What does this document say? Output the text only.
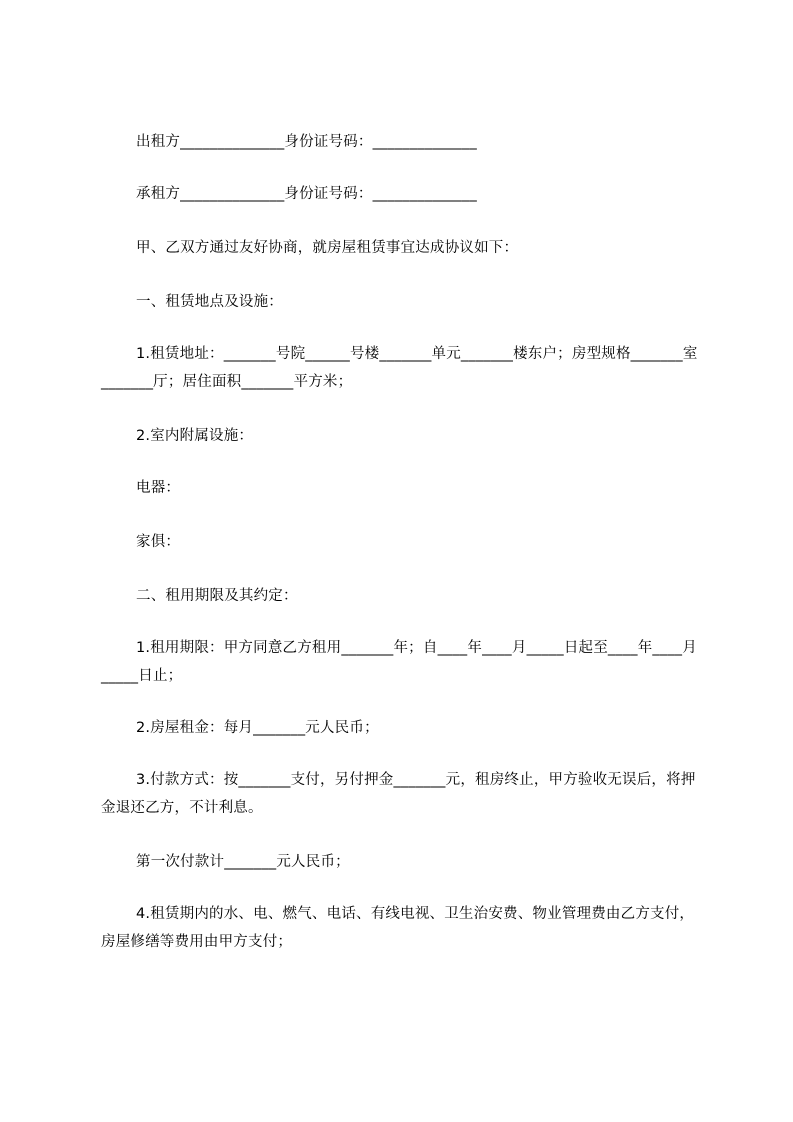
出租方______________身份证号码：______________
承租方______________身份证号码：______________
甲、乙双方通过友好协商，就房屋租赁事宜达成协议如下：
一、租赁地点及设施：
1.租赁地址：_______号院______号楼_______单元_______楼东户；房型规格_______室_______厅；居住面积_______平方米；
2.室内附属设施：
电器：
家俱：
二、租用期限及其约定：
1.租用期限：甲方同意乙方租用_______年；自____年____月_____日起至____年____月_____日止；
2.房屋租金：每月_______元人民币；
3.付款方式：按_______支付，另付押金_______元，租房终止，甲方验收无误后，将押金退还乙方，不计利息。
第一次付款计_______元人民币；
4.租赁期内的水、电、燃气、电话、有线电视、卫生治安费、物业管理费由乙方支付，房屋修缮等费用由甲方支付；
